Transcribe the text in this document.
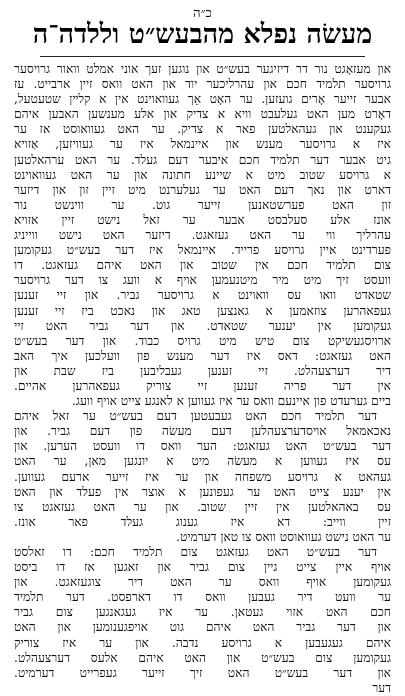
כ״ה
מעשׂה נפלא מהבעש״ט וללדה־ה
און מעזאָגט נור דר דיזיגער בעש״ט און נוגען זעך אוני אמלט וואור גרויסער
גרויסער תלמיד חכם און עהרליכער יוד און האט וואס זיין ארבייט. עז
אבער זייער אָרים גועזען. ער האָט אֵך געוואוינט אין א קלײן שטעטעל,
דאָרט מען האט געלעבט וויא א צדיק און אלע מענשען האבען איהם
געקענט און געהאלטען פאר א צדיק. ער האט געוואוסט אז ער
איז א גרויסער מענש און איינמאל איז ער געוויזען, אַזויא
גיט אבער דער תלמיד חכם איבער דעם געלד. ער האט ערהאלטען
א גרויסע שטוב מיט א שיינע חתונה און ער האט געוואוינט
דארט און נאך דעם האט ער געלערנט מיט זיין זון און דיזער
זון האט פערשטאנען זייער גוט. ער ווינשט נור
אונז אלע סעלבסט אבער ער זאל נישט זיין אזויא
עהרליך ווי ער האט געזאגט. דיזער האט נישט ווייניג
פערדינט איין גרויסע פרייד. איינמאל איז דער בעש״ט געקומען
צום תלמיד חכם אין שטוב און האט איהם געזאגט. דו
וועסט זיך מיט מיר מיטנעמען אויף א וועג צו דער גרויסער
שטאדט וואו עס וואוינט א גרויסער גביר. און זיי זענען
געפאהרען צוזאמען א גאנצען טאג און נאכט ביז זיי זענען
געקומען אין יענער שטאדט. און דער גביר האט זיי
ארויסגעשיקט צום טיש מיט גרויס כבוד. און דער בעש״ט
האט געזאגט: דאס איז דער מענש פון וועלכען איך האב
דיר דערצעהלט. זיי זענען געבליבען ביז שבת און
אין דער פריה זענען זיי צוריק געפאהרען אהיים.
ביים גערעדט פון איינעם וואס ער איז געווען א לאנגע צייט אויף וועג.
דער תלמיד חכם האט געבעטען דעם בעש״ט ער זאל איהם
נאכאמאל אויסדערצעהלען דעם מעשׂה פון דעם גביר. און
דער בעש״ט האט געזאגט: הער וואס דו וועסט הערען. און
עס איז געווען א מעשׂה מיט א יונגען מאן, ער האט
געהאט א גרויסע משפחה און ער איז זייער ארעם געווען.
אין יענע צייט האט ער געפונען א אוצר אין פעלד און האט
עס באהאלטען אין זיין שטוב. און ער האט געזאגט צו
זיין ווייב: דא איז גענוג געלד פאר אונז.
ער האט נישט געוואוסט וואס צו טאן דערמיט.
דער בעש״ט האט געזאגט צום תלמיד חכם: דו זאלסט
אויף איין צייט גיין צום גביר און זאגען אז דו ביסט
געקומען אויף וואס ער האט דיר צוגעזאגט. און
ער וועט דיר געבען וואס דו דארפסט. דער תלמיד
חכם האט אזוי געטאן. ער איז געגאנגען צום גביר
און דער גביר האט איהם גוט אויפגענומען און האט
איהם געגעבען א גרויסע נדבה. און ער איז צוריק
געקומען צום בעש״ט און האט איהם אלעס דערצעהלט.
און דער בעש״ט האט זיך זייער געפרייט דערמיט.
דער
